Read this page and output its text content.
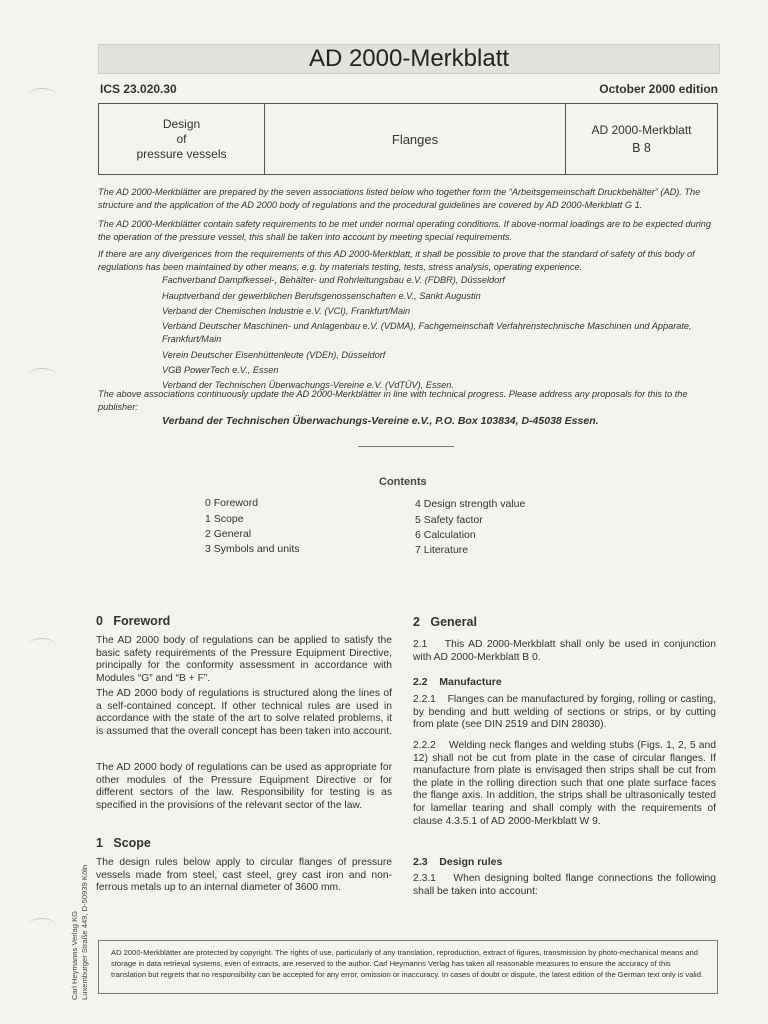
AD 2000-Merkblatt
ICS 23.020.30	October 2000 edition
Design
of
pressure vessels
Flanges
AD 2000-Merkblatt
B 8
The AD 2000-Merkblätter are prepared by the seven associations listed below who together form the “Arbeitsgemeinschaft Druckbehälter” (AD). The structure and the application of the AD 2000 body of regulations and the procedural guidelines are covered by AD 2000-Merkblatt G 1.
The AD 2000-Merkblätter contain safety requirements to be met under normal operating conditions. If above-normal loadings are to be expected during the operation of the pressure vessel, this shall be taken into account by meeting special requirements.
If there are any divergences from the requirements of this AD 2000-Merkblatt, it shall be possible to prove that the standard of safety of this body of regulations has been maintained by other means, e.g. by materials testing, tests, stress analysis, operating experience.
Fachverband Dampfkessel-, Behälter- und Rohrleitungsbau e.V. (FDBR), Düsseldorf
Hauptverband der gewerblichen Berufsgenossenschaften e.V., Sankt Augustin
Verband der Chemischen Industrie e.V. (VCI), Frankfurt/Main
Verband Deutscher Maschinen- und Anlagenbau e.V. (VDMA), Fachgemeinschaft Verfahrenstechnische Maschinen und Apparate, Frankfurt/Main
Verein Deutscher Eisenhüttenleute (VDEh), Düsseldorf
VGB PowerTech e.V., Essen
Verband der Technischen Überwachungs-Vereine e.V. (VdTÜV), Essen.
The above associations continuously update the AD 2000-Merkblätter in line with technical progress. Please address any proposals for this to the publisher:
Verband der Technischen Überwachungs-Vereine e.V., P.O. Box 103834, D-45038 Essen.
Contents
0 Foreword
1 Scope
2 General
3 Symbols and units
4 Design strength value
5 Safety factor
6 Calculation
7 Literature
0   Foreword
The AD 2000 body of regulations can be applied to satisfy the basic safety requirements of the Pressure Equipment Directive, principally for the conformity assessment in accordance with Modules “G” and “B + F”.
The AD 2000 body of regulations is structured along the lines of a self-contained concept. If other technical rules are used in accordance with the state of the art to solve related problems, it is assumed that the overall concept has been taken into account.
The AD 2000 body of regulations can be used as appropriate for other modules of the Pressure Equipment Directive or for different sectors of the law. Responsibility for testing is as specified in the provisions of the relevant sector of the law.
1   Scope
The design rules below apply to circular flanges of pressure vessels made from steel, cast steel, grey cast iron and non-ferrous metals up to an internal diameter of 3600 mm.
2   General
2.1    This AD 2000-Merkblatt shall only be used in conjunction with AD 2000-Merkblatt B 0.
2.2    Manufacture
2.2.1    Flanges can be manufactured by forging, rolling or casting, by bending and butt welding of sections or strips, or by cutting from plate (see DIN 2519 and DIN 28030).
2.2.2    Welding neck flanges and welding stubs (Figs. 1, 2, 5 and 12) shall not be cut from plate in the case of circular flanges. If manufacture from plate is envisaged then strips shall be cut from the plate in the rolling direction such that one plate surface faces the flange axis. In addition, the strips shall be ultrasonically tested for lamellar tearing and shall comply with the requirements of clause 4.3.5.1 of AD 2000-Merkblatt W 9.
2.3    Design rules
2.3.1    When designing bolted flange connections the following shall be taken into account:
AD 2000-Merkblätter are protected by copyright. The rights of use, particularly of any translation, reproduction, extract of figures, transmission by photo-mechanical means and storage in data retrieval systems, even of extracts, are reserved to the author. Carl Heymanns Verlag has taken all reasonable measures to ensure the accuracy of this translation but regrets that no responsibility can be accepted for any error, omission or inaccuracy. In cases of doubt or dispute, the latest edition of the German text only is valid.
Carl Heymanns Verlag KG Luxemburger Straße 449, D-50939 Köln
